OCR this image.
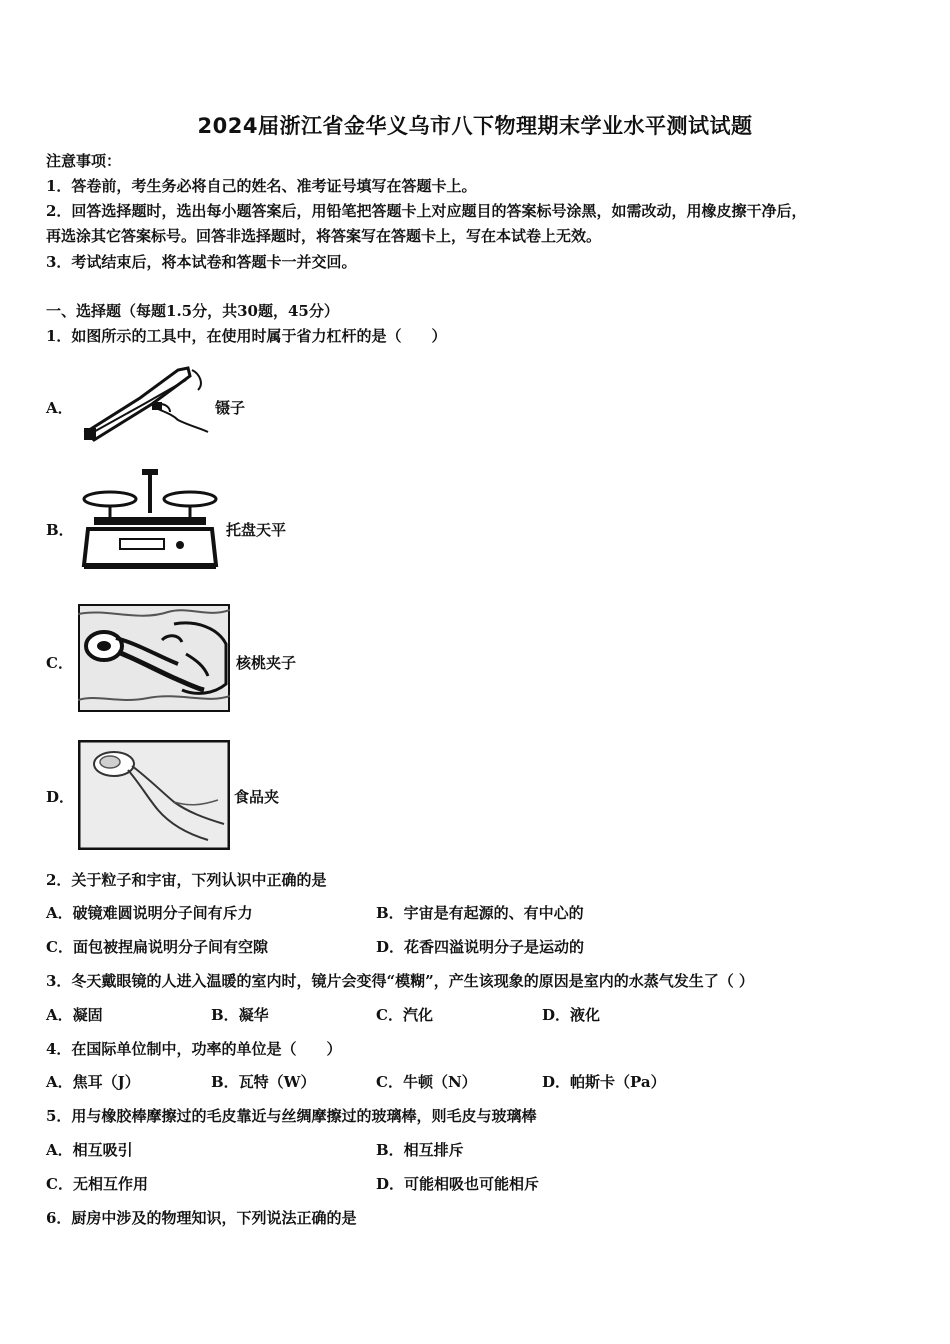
2024届浙江省金华义乌市八下物理期末学业水平测试试题
注意事项：
1．答卷前，考生务必将自己的姓名、准考证号填写在答题卡上。
2．回答选择题时，选出每小题答案后，用铅笔把答题卡上对应题目的答案标号涂黑，如需改动，用橡皮擦干净后，
再选涂其它答案标号。回答非选择题时，将答案写在答题卡上，写在本试卷上无效。
3．考试结束后，将本试卷和答题卡一并交回。
一、选择题（每题1.5分，共30题，45分）
1．如图所示的工具中，在使用时属于省力杠杆的是（　　）
A．	镊子
B．	托盘天平
C．	核桃夹子
D．	食品夹
2．关于粒子和宇宙，下列认识中正确的是
A．破镜难圆说明分子间有斥力	B．宇宙是有起源的、有中心的
C．面包被捏扁说明分子间有空隙	D．花香四溢说明分子是运动的
3．冬天戴眼镜的人进入温暖的室内时，镜片会变得“模糊”，产生该现象的原因是室内的水蒸气发生了（ ）
A．凝固	B．凝华	C．汽化	D．液化
4．在国际单位制中，功率的单位是（　　）
A．焦耳（J）	B．瓦特（W）	C．牛顿（N）	D．帕斯卡（Pa）
5．用与橡胶棒摩擦过的毛皮靠近与丝绸摩擦过的玻璃棒，则毛皮与玻璃棒
A．相互吸引	B．相互排斥
C．无相互作用	D．可能相吸也可能相斥
6．厨房中涉及的物理知识，下列说法正确的是
